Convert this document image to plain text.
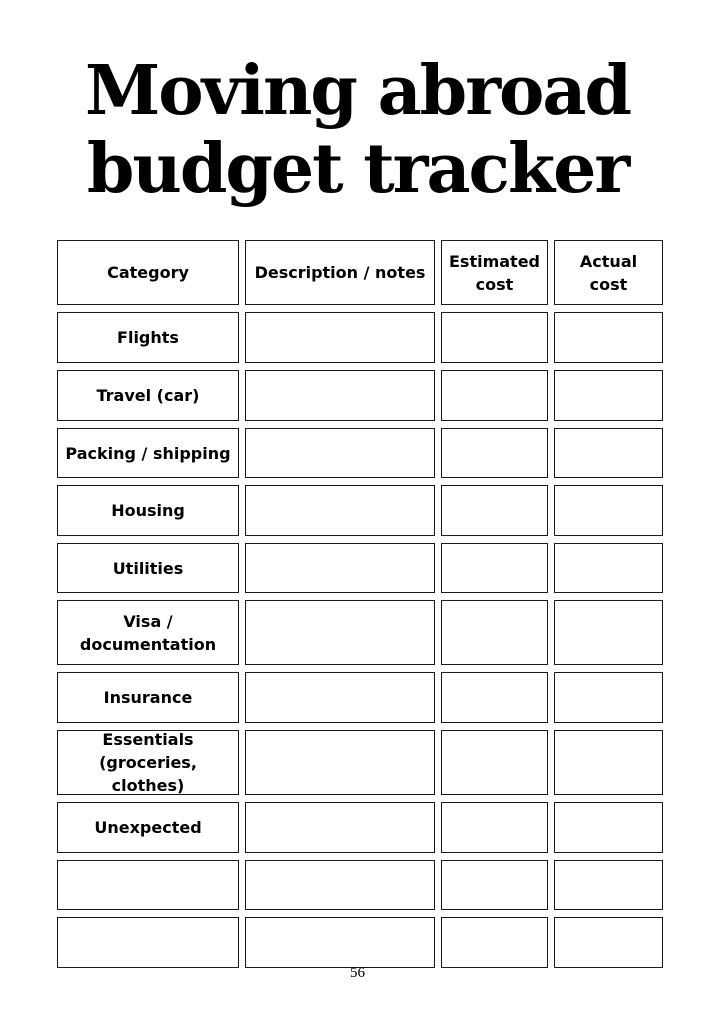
Moving abroad
budget tracker
Category	Description / notes
Estimated
cost
Actual
cost
Flights
Travel (car)
Packing / shipping
Housing
Utilities
Visa /
documentation
Insurance
Essentials
(groceries, clothes)
Unexpected
56
